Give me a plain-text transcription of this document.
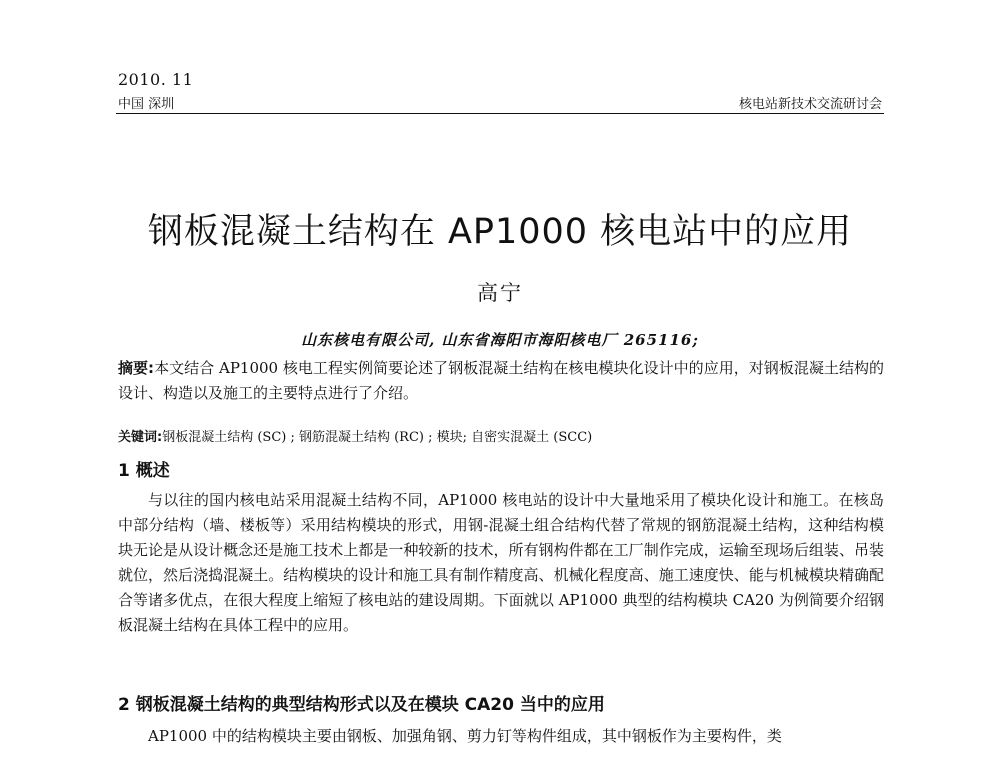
2010. 11
中国 深圳	核电站新技术交流研讨会
钢板混凝土结构在 AP1000 核电站中的应用
高宁
山东核电有限公司, 山东省海阳市海阳核电厂 265116;
摘要:本文结合 AP1000 核电工程实例简要论述了钢板混凝土结构在核电模块化设计中的应用，对钢板混凝土结构的设计、构造以及施工的主要特点进行了介绍。
关键词:钢板混凝土结构 (SC) ; 钢筋混凝土结构 (RC) ; 模块; 自密实混凝土 (SCC)
1 概述
与以往的国内核电站采用混凝土结构不同，AP1000 核电站的设计中大量地采用了模块化设计和施工。在核岛中部分结构（墙、楼板等）采用结构模块的形式，用钢-混凝土组合结构代替了常规的钢筋混凝土结构，这种结构模块无论是从设计概念还是施工技术上都是一种较新的技术，所有钢构件都在工厂制作完成，运输至现场后组装、吊装就位，然后浇捣混凝土。结构模块的设计和施工具有制作精度高、机械化程度高、施工速度快、能与机械模块精确配合等诸多优点，在很大程度上缩短了核电站的建设周期。下面就以 AP1000 典型的结构模块 CA20 为例简要介绍钢板混凝土结构在具体工程中的应用。
2 钢板混凝土结构的典型结构形式以及在模块 CA20 当中的应用
AP1000 中的结构模块主要由钢板、加强角钢、剪力钉等构件组成，其中钢板作为主要构件，类
